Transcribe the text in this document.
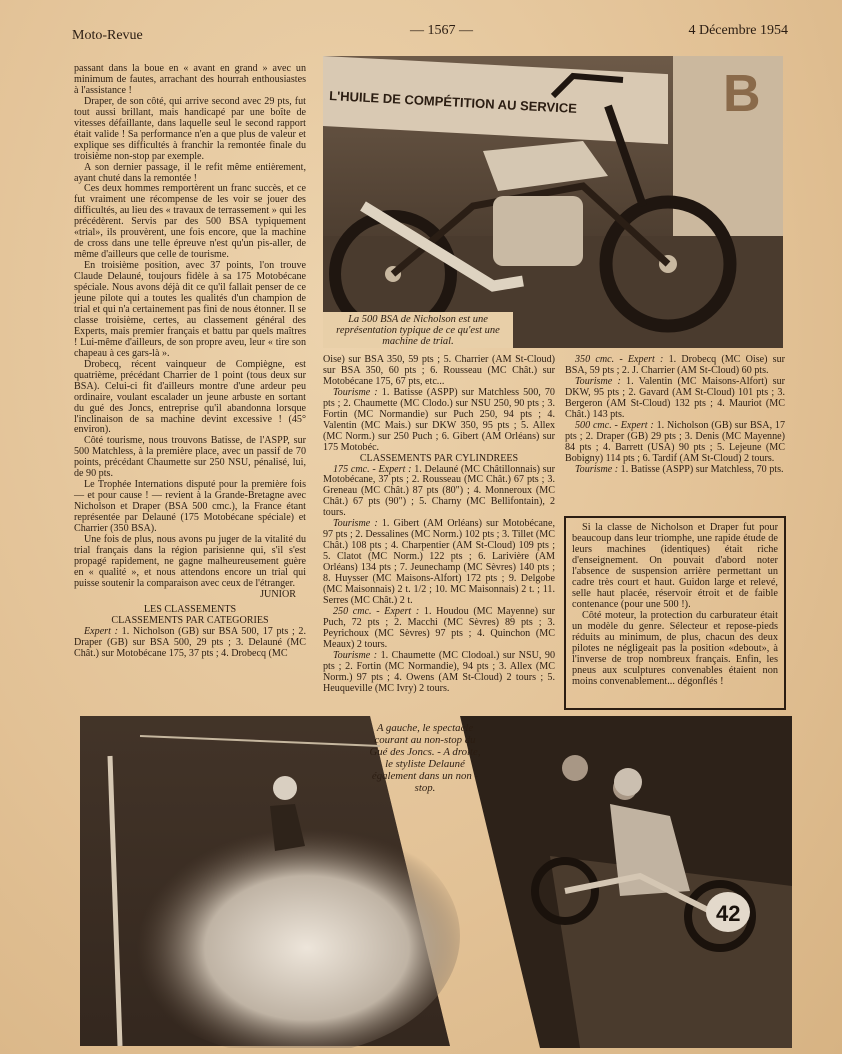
Moto-Revue	— 1567 —	4 Décembre 1954

passant dans la boue en « avant en grand » avec un minimum de fautes, arrachant des hourrah enthousiastes à l'assistance !

Draper, de son côté, qui arrive second avec 29 pts, fut tout aussi brillant, mais handicapé par une boîte de vitesses défaillante, dans laquelle seul le second rapport était valide ! Sa performance n'en a que plus de valeur et explique ses difficultés à franchir la remontée finale du troisième non-stop par exemple.

A son dernier passage, il le refit même entièrement, ayant chuté dans la remontée !

Ces deux hommes remportèrent un franc succès, et ce fut vraiment une récompense de les voir se jouer des difficultés, au lieu des « travaux de terrassement » qui les précédèrent. Servis par des 500 BSA typiquement «trial», ils prouvèrent, une fois encore, que la machine de cross dans une telle épreuve n'est qu'un pis-aller, de même d'ailleurs que celle de tourisme.

En troisième position, avec 37 points, l'on trouve Claude Delauné, toujours fidèle à sa 175 Motobécane spéciale. Nous avons déjà dit ce qu'il fallait penser de ce jeune pilote qui a toutes les qualités d'un champion de trial et qui n'a certainement pas fini de nous étonner. Il se classe troisième, certes, au classement général des Experts, mais premier français et battu par quels maîtres ! Lui-même d'ailleurs, de son propre aveu, leur « tire son chapeau à ces gars-là ».

Drobecq, récent vainqueur de Compiègne, est quatrième, précédant Charrier de 1 point (tous deux sur BSA). Celui-ci fit d'ailleurs montre d'une ardeur peu ordinaire, voulant escalader un jeune arbuste en sortant du gué des Joncs, entreprise qu'il abandonna lorsque l'inclinaison de sa machine devint excessive ! (45° environ).

Côté tourisme, nous trouvons Batisse, de l'ASPP, sur 500 Matchless, à la première place, avec un passif de 70 points, précédant Chaumette sur 250 NSU, pénalisé, lui, de 90 pts.

Le Trophée Internations disputé pour la première fois — et pour cause ! — revient à la Grande-Bretagne avec Nicholson et Draper (BSA 500 cmc.), la France étant représentée par Delauné (175 Motobécane spéciale) et Charrier (350 BSA).

Une fois de plus, nous avons pu juger de la vitalité du trial français dans la région parisienne qui, s'il s'est propagé rapidement, ne gagne malheureusement guère en « qualité », et nous attendons encore un trial qui puisse soutenir la comparaison avec ceux de l'étranger.

JUNIOR

LES CLASSEMENTS

CLASSEMENTS PAR CATEGORIES

Expert : 1. Nicholson (GB) sur BSA 500, 17 pts ; 2. Draper (GB) sur BSA 500, 29 pts ; 3. Delauné (MC Chât.) sur Motobécane 175, 37 pts ; 4. Drobecq (MC

B
L'HUILE DE COMPÉTITION AU SERVICE
La 500 BSA de Nicholson est une représentation typique de ce qu'est une machine de trial.

Oise) sur BSA 350, 59 pts ; 5. Charrier (AM St-Cloud) sur BSA 350, 60 pts ; 6. Rousseau (MC Chât.) sur Motobécane 175, 67 pts, etc...

Tourisme : 1. Batisse (ASPP) sur Matchless 500, 70 pts ; 2. Chaumette (MC Clodo.) sur NSU 250, 90 pts ; 3. Fortin (MC Normandie) sur Puch 250, 94 pts ; 4. Valentin (MC Mais.) sur DKW 350, 95 pts ; 5. Allex (MC Norm.) sur 250 Puch ; 6. Gibert (AM Orléans) sur 175 Motobéc.

CLASSEMENTS PAR CYLINDREES

175 cmc. - Expert : 1. Delauné (MC Châtillonnais) sur Motobécane, 37 pts ; 2. Rousseau (MC Chât.) 67 pts ; 3. Greneau (MC Chât.) 87 pts (80") ; 4. Monneroux (MC Chât.) 67 pts (90") ; 5. Charny (MC Bellifontain), 2 tours.

Tourisme : 1. Gibert (AM Orléans) sur Motobécane, 97 pts ; 2. Dessalines (MC Norm.) 102 pts ; 3. Tillet (MC Chât.) 108 pts ; 4. Charpentier (AM St-Cloud) 109 pts ; 5. Clatot (MC Norm.) 122 pts ; 6. Larivière (AM Orléans) 134 pts ; 7. Jeunechamp (MC Sèvres) 140 pts ; 8. Huysser (MC Maisons-Alfort) 172 pts ; 9. Delgobe (MC Maisonnais) 2 t. 1/2 ; 10. MC Maisonnais) 2 t. ; 11. Serres (MC Chât.) 2 t.

250 cmc. - Expert : 1. Houdou (MC Mayenne) sur Puch, 72 pts ; 2. Macchi (MC Sèvres) 89 pts ; 3. Peyrichoux (MC Sèvres) 97 pts ; 4. Quinchon (MC Meaux) 2 tours.

Tourisme : 1. Chaumette (MC Clodoal.) sur NSU, 90 pts ; 2. Fortin (MC Normandie), 94 pts ; 3. Allex (MC Norm.) 97 pts ; 4. Owens (AM St-Cloud) 2 tours ; 5. Heuqueville (MC Ivry) 2 tours.

350 cmc. - Expert : 1. Drobecq (MC Oise) sur BSA, 59 pts ; 2. J. Charrier (AM St-Cloud) 60 pts.

Tourisme : 1. Valentin (MC Maisons-Alfort) sur DKW, 95 pts ; 2. Gavard (AM St-Cloud) 101 pts ; 3. Bergeron (AM St-Cloud) 132 pts ; 4. Mauriot (MC Chât.) 143 pts.

500 cmc. - Expert : 1. Nicholson (GB) sur BSA, 17 pts ; 2. Draper (GB) 29 pts ; 3. Denis (MC Mayenne) 84 pts ; 4. Barrett (USA) 90 pts ; 5. Lejeune (MC Bobigny) 114 pts ; 6. Tardif (AM St-Cloud) 2 tours.

Tourisme : 1. Batisse (ASPP) sur Matchless, 70 pts.

Si la classe de Nicholson et Draper fut pour beaucoup dans leur triomphe, une rapide étude de leurs machines (identiques) était riche d'enseignement. On pouvait d'abord noter l'absence de suspension arrière permettant un cadre très court et haut. Guidon large et relevé, selle haut placée, réservoir étroit et de faible contenance (pour une 500 !).

Côté moteur, la protection du carburateur était un modèle du genre. Sélecteur et repose-pieds réduits au minimum, de plus, chacun des deux pilotes ne négligeait pas la position «debout», à l'inverse de trop nombreux français. Enfin, les pneus aux sculptures convenables étaient non moins convenablement... dégonflés !

42
A gauche, le spectacle courant au non-stop du Gué des Joncs. - A droite, le styliste Delauné également dans un non - stop.
